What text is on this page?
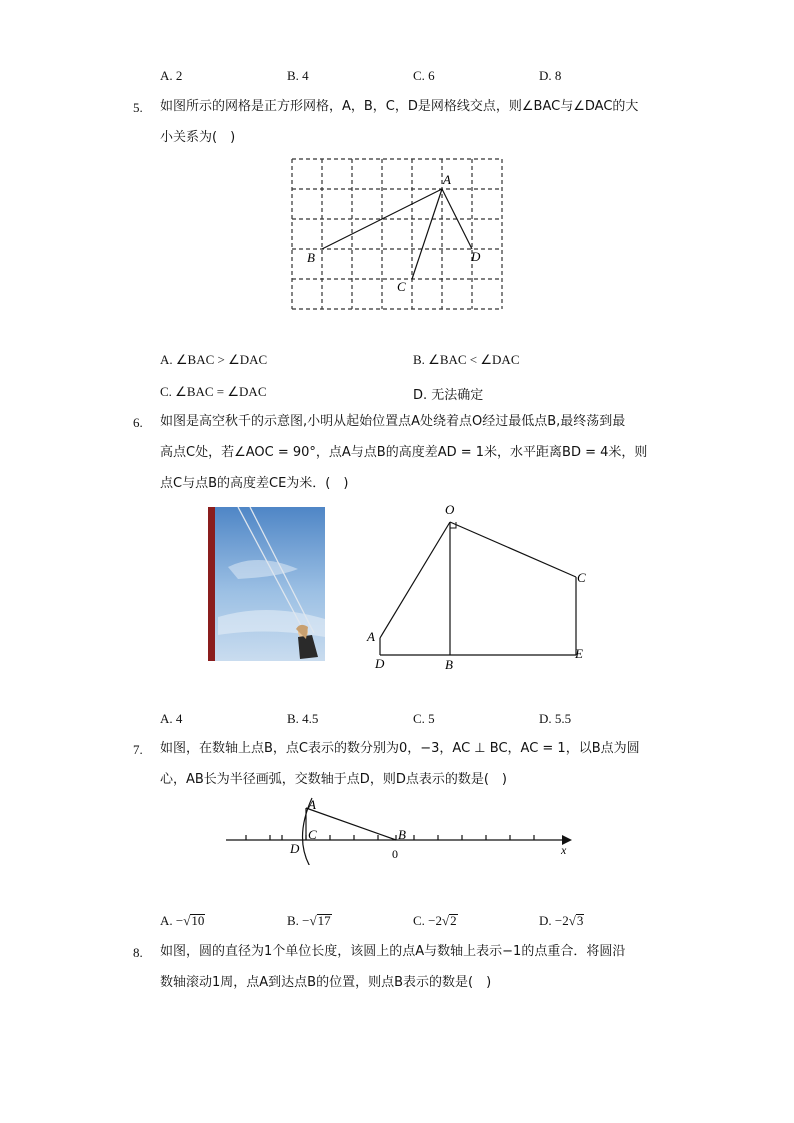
A. 2	B. 4	C. 6	D. 8
5. 如图所示的网格是正方形网格，A，B，C，D是网格线交点，则∠BAC与∠DAC的大
小关系为(　)
A
B
C
D
A. ∠BAC > ∠DAC	B. ∠BAC < ∠DAC
C. ∠BAC = ∠DAC	D. 无法确定
6. 如图是高空秋千的示意图,小明从起始位置点A处绕着点O经过最低点B,最终荡到最
高点C处，若∠AOC = 90°，点A与点B的高度差AD = 1米，水平距离BD = 4米，则
点C与点B的高度差CE为米．(　)
O
A
D	B
C
E
A. 4	B. 4.5	C. 5	D. 5.5
7. 如图，在数轴上点B，点C表示的数分别为0，−3，AC ⊥ BC，AC = 1，以B点为圆
心，AB长为半径画弧，交数轴于点D，则D点表示的数是(　)
A
C	B
D	0	x
A. −√10	B. −√17	C. −2√2	D. −2√3
8. 如图，圆的直径为1个单位长度，该圆上的点A与数轴上表示−1的点重合．将圆沿
数轴滚动1周，点A到达点B的位置，则点B表示的数是(　)
